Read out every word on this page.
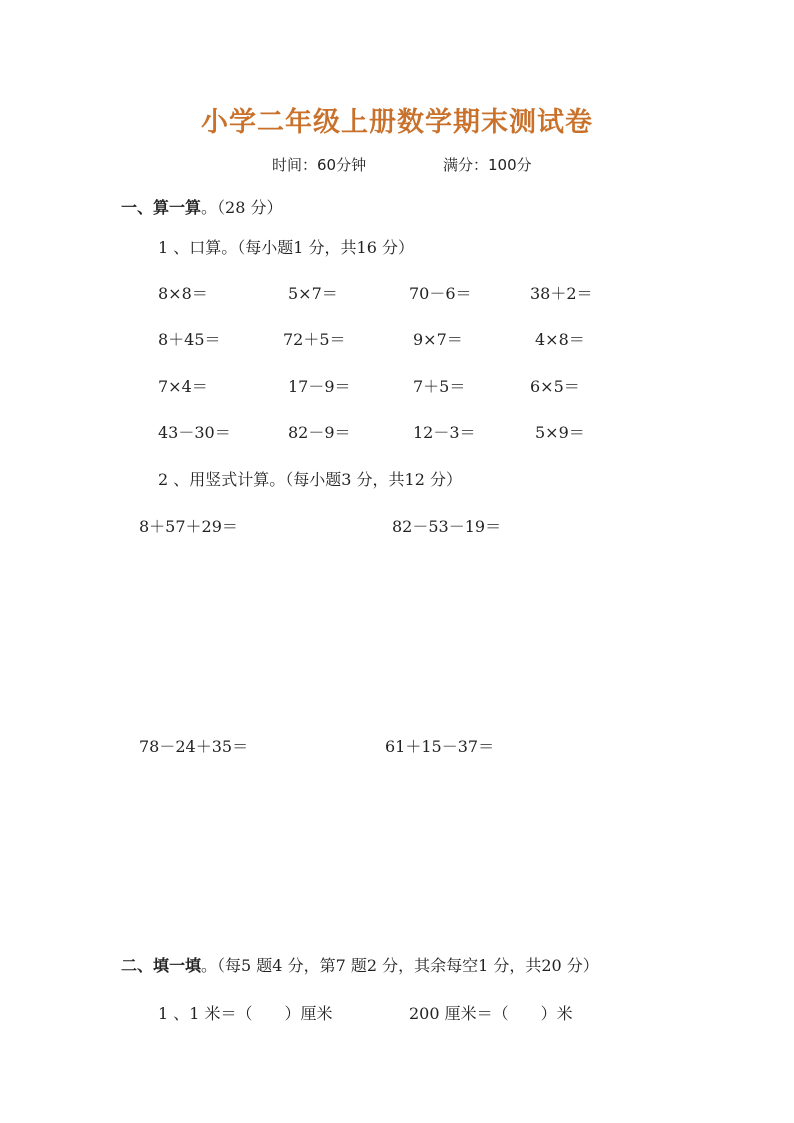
小学二年级上册数学期末测试卷
时间：60分钟	满分：100分
一、算一算。（28 分）
1 、口算。（每小题1 分，共16 分）
8×8＝	5×7＝	70－6＝	38＋2＝
8＋45＝	72＋5＝	9×7＝	4×8＝
7×4＝	17－9＝	7＋5＝	6×5＝
43－30＝	82－9＝	12－3＝	5×9＝
2 、用竖式计算。（每小题3 分，共12 分）
8＋57＋29＝	82－53－19＝
78－24＋35＝	61＋15－37＝
二、填一填。（每5 题4 分，第7 题2 分，其余每空1 分，共20 分）
1 、1 米＝（　　）厘米	200 厘米＝（　　）米
